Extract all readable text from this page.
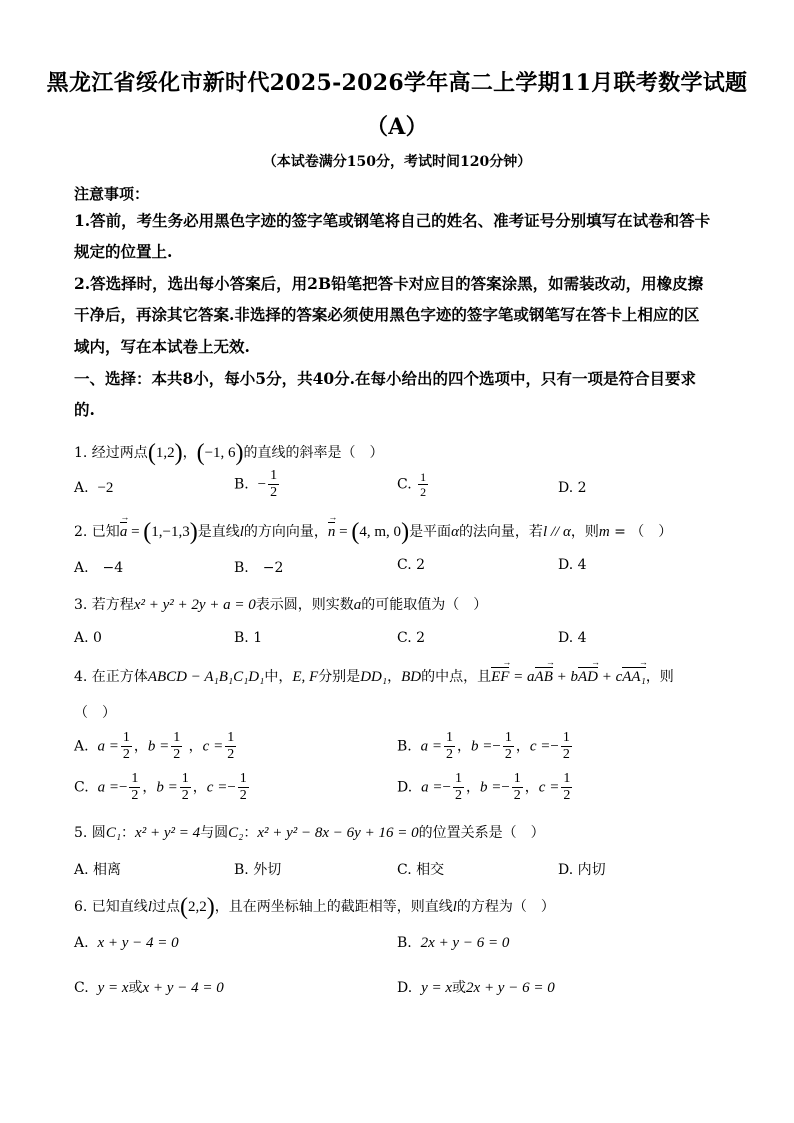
黑龙江省绥化市新时代2025-2026学年高二上学期11月联考数学试题
（A）
（本试卷满分150分，考试时间120分钟）
注意事项：
1.答前，考生务必用黑色字迹的签字笔或钢笔将自己的姓名、准考证号分别填写在试卷和答卡
规定的位置上.
2.答选择时，选出每小答案后，用2B铅笔把答卡对应目的答案涂黑，如需装改动，用橡皮擦
干净后，再涂其它答案.非选择的答案必须使用黑色字迹的签字笔或钢笔写在答卡上相应的区
域内，写在本试卷上无效.
一、选择：本共8小，每小5分，共40分.在每小给出的四个选项中，只有一项是符合目要求
的.
1. 经过两点(1,2)，(−1, 6)的直线的斜率是（　）
A. −2	B. − $\frac{1}{2}$	C. $\frac{1}{2}$	D. 2
2. 已知a → = (1,−1,3)是直线l的方向向量，n → = (4, m, 0)是平面α的法向量，若l // α，则m = （　）
A.　−4	B.　−2	C. 2	D. 4
3. 若方程x² + y² + 2y + a = 0表示圆，则实数a的可能取值为（　）
A. 0	B. 1	C. 2	D. 4
4. 在正方体ABCD − A₁B₁C₁D₁中，E, F分别是DD₁，BD的中点，且EF → = aAB → + bAD → + cAA₁ →，则
（　）
A. $a = \frac{1}{2}$ ，$b = \frac{1}{2}$ ，$c = \frac{1}{2}$	B. $a = \frac{1}{2}$ ，$b =- \frac{1}{2}$ ，$c =- \frac{1}{2}$
C. $a =- \frac{1}{2}$ ，$b = \frac{1}{2}$ ，$c =- \frac{1}{2}$	D. $a =- \frac{1}{2}$ ，$b =- \frac{1}{2}$ ，$c = \frac{1}{2}$
5. 圆C₁：x² + y² = 4与圆C₂：x² + y² − 8x − 6y + 16 = 0的位置关系是（　）
A. 相离	B. 外切	C. 相交	D. 内切
6. 已知直线l过点(2,2)，且在两坐标轴上的截距相等，则直线l的方程为（　）
A. x + y − 4 = 0	B. 2x + y − 6 = 0
C. y = x或x + y − 4 = 0	D. y = x或2x + y − 6 = 0
